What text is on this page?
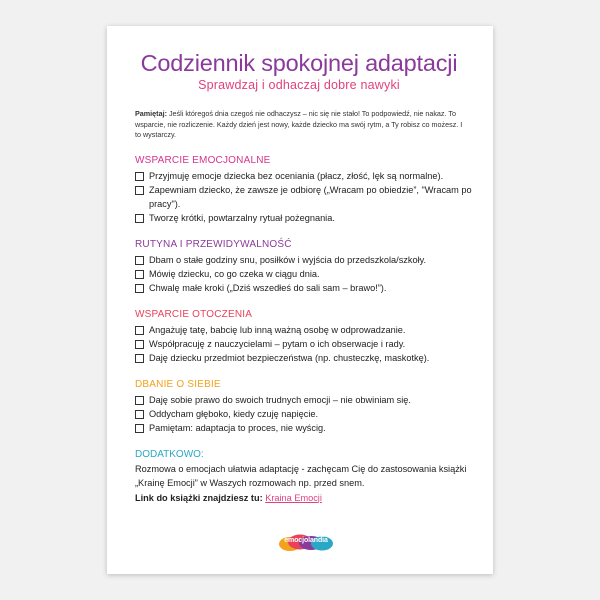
Codziennik spokojnej adaptacji
Sprawdzaj i odhaczaj dobre nawyki
Pamiętaj: Jeśli któregoś dnia czegoś nie odhaczysz – nic się nie stało! To podpowiedź, nie nakaz. To wsparcie, nie rozliczenie. Każdy dzień jest nowy, każde dziecko ma swój rytm, a Ty robisz co możesz. I to wystarczy.
WSPARCIE EMOCJONALNE
Przyjmuję emocje dziecka bez oceniania (płacz, złość, lęk są normalne).
Zapewniam dziecko, że zawsze je odbiorę („Wracam po obiedzie”, "Wracam po pracy").
Tworzę krótki, powtarzalny rytuał pożegnania.
RUTYNA I PRZEWIDYWALNOŚĆ
Dbam o stałe godziny snu, posiłków i wyjścia do przedszkola/szkoły.
Mówię dziecku, co go czeka w ciągu dnia.
Chwalę małe kroki („Dziś wszedłeś do sali sam – brawo!”).
WSPARCIE OTOCZENIA
Angażuję tatę, babcię lub inną ważną osobę w odprowadzanie.
Współpracuję z nauczycielami – pytam o ich obserwacje i rady.
Daję dziecku przedmiot bezpieczeństwa (np. chusteczkę, maskotkę).
DBANIE O SIEBIE
Daję sobie prawo do swoich trudnych emocji – nie obwiniam się.
Oddycham głęboko, kiedy czuję napięcie.
Pamiętam: adaptacja to proces, nie wyścig.
DODATKOWO:
Rozmowa o emocjach ułatwia adaptację - zachęcam Cię do zastosowania książki „Krainę Emocji” w Waszych rozmowach np. przed snem.
Link do książki znajdziesz tu: Kraina Emocji
emocjolandia
